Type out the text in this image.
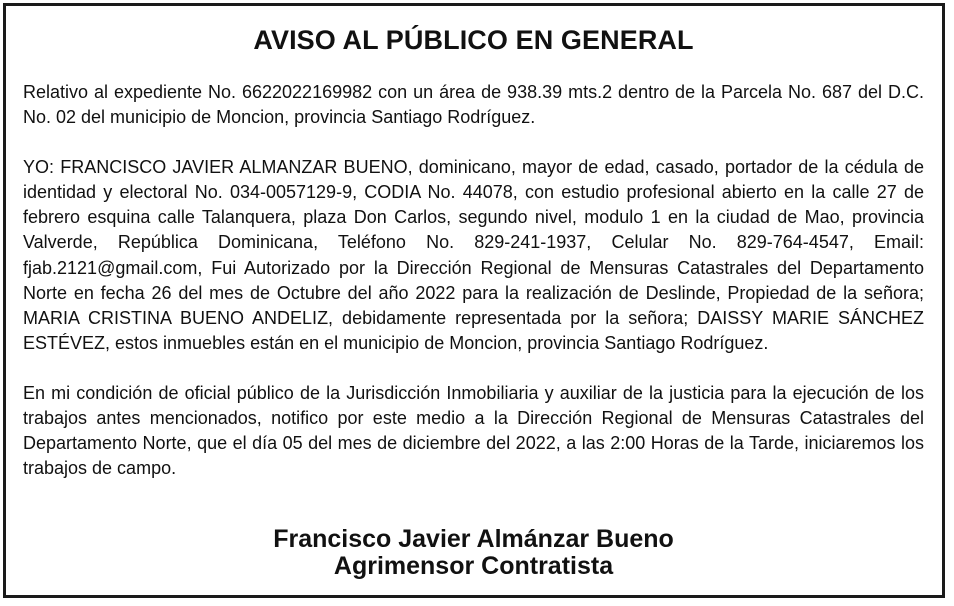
AVISO AL PÚBLICO EN GENERAL

Relativo al expediente No. 6622022169982 con un área de 938.39 mts.2 dentro de la Parcela No. 687 del D.C. No. 02 del municipio de Moncion, provincia Santiago Rodríguez.

YO: FRANCISCO JAVIER ALMANZAR BUENO, dominicano, mayor de edad, casado, portador de la cédula de identidad y electoral No. 034-0057129-9, CODIA No. 44078, con estudio profesional abierto en la calle 27 de febrero esquina calle Talanquera, plaza Don Carlos, segundo nivel, modulo 1 en la ciudad de Mao, provincia Valverde, República Dominicana, Teléfono No. 829-241-1937, Celular No. 829-764-4547, Email: fjab.2121@gmail.com, Fui Autorizado por la Dirección Regional de Mensuras Catastrales del Departamento Norte en fecha 26 del mes de Octubre del año 2022 para la realización de Deslinde, Propiedad de la señora; MARIA CRISTINA BUENO ANDELIZ, debidamente representada por la señora; DAISSY MARIE SÁNCHEZ ESTÉVEZ, estos inmuebles están en el municipio de Moncion, provincia Santiago Rodríguez.

En mi condición de oficial público de la Jurisdicción Inmobiliaria y auxiliar de la justicia para la ejecución de los trabajos antes mencionados, notifico por este medio a la Dirección Regional de Mensuras Catastrales del Departamento Norte, que el día 05 del mes de diciembre del 2022, a las 2:00 Horas de la Tarde, iniciaremos los trabajos de campo.

Francisco Javier Almánzar Bueno
Agrimensor Contratista
